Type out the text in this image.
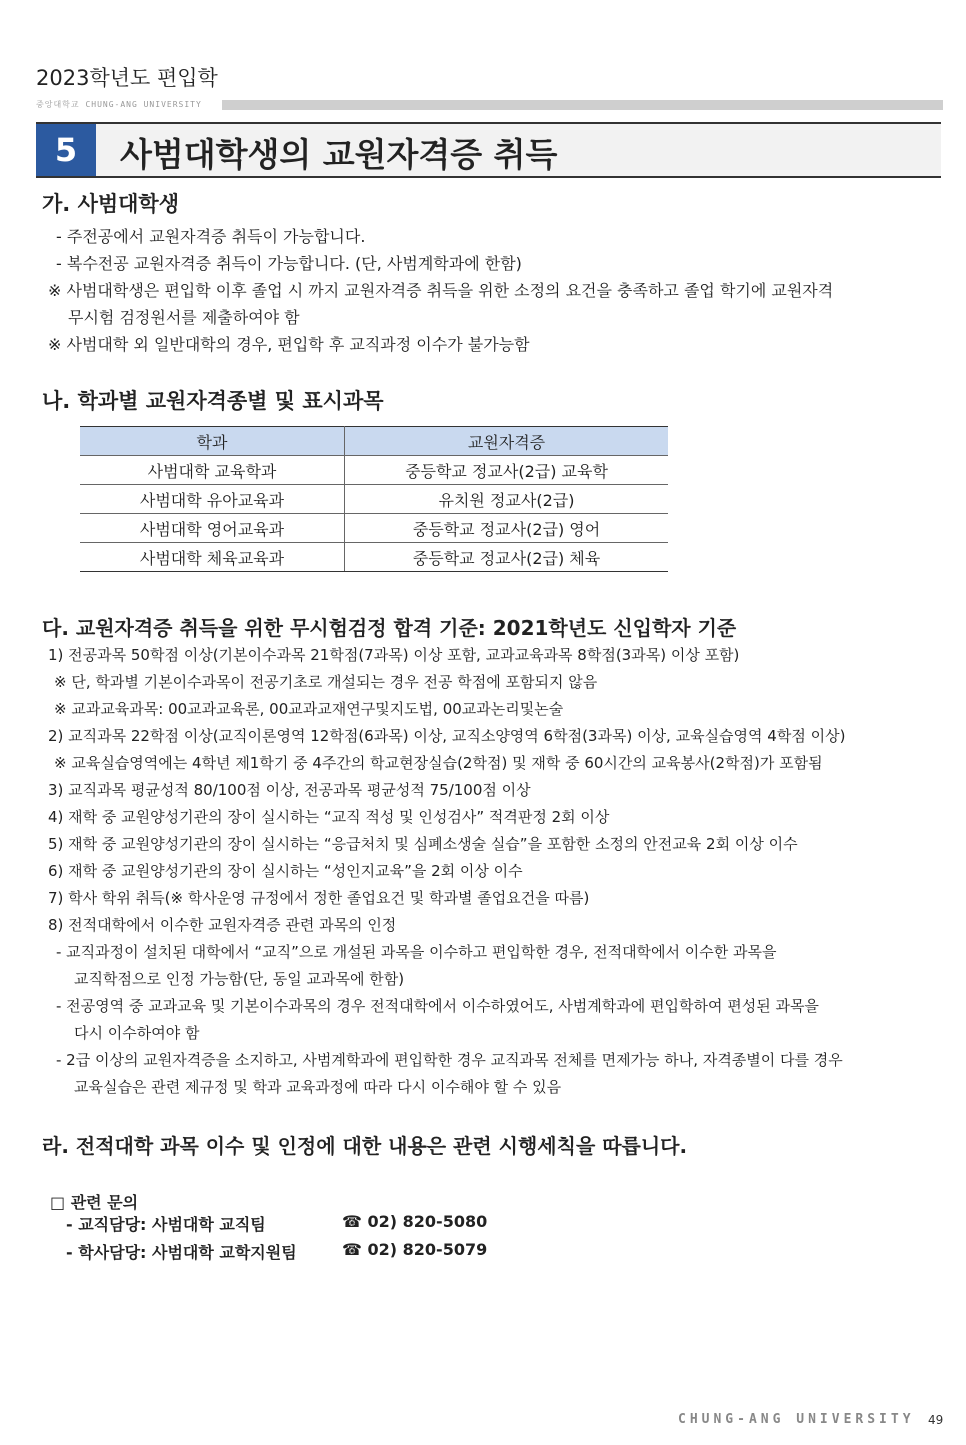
2023학년도 편입학
중앙대학교 CHUNG-ANG UNIVERSITY
5	사범대학생의 교원자격증 취득
가. 사범대학생
- 주전공에서 교원자격증 취득이 가능합니다.
- 복수전공 교원자격증 취득이 가능합니다. (단, 사범계학과에 한함)
※ 사범대학생은 편입학 이후 졸업 시 까지 교원자격증 취득을 위한 소정의 요건을 충족하고 졸업 학기에 교원자격
무시험 검정원서를 제출하여야 함
※ 사범대학 외 일반대학의 경우, 편입학 후 교직과정 이수가 불가능함
나. 학과별 교원자격종별 및 표시과목
학과	교원자격증
사범대학 교육학과	중등학교 정교사(2급) 교육학
사범대학 유아교육과	유치원 정교사(2급)
사범대학 영어교육과	중등학교 정교사(2급) 영어
사범대학 체육교육과	중등학교 정교사(2급) 체육
다. 교원자격증 취득을 위한 무시험검정 합격 기준: 2021학년도 신입학자 기준
1) 전공과목 50학점 이상(기본이수과목 21학점(7과목) 이상 포함, 교과교육과목 8학점(3과목) 이상 포함)
※ 단, 학과별 기본이수과목이 전공기초로 개설되는 경우 전공 학점에 포함되지 않음
※ 교과교육과목: 00교과교육론, 00교과교재연구및지도법, 00교과논리및논술
2) 교직과목 22학점 이상(교직이론영역 12학점(6과목) 이상, 교직소양영역 6학점(3과목) 이상, 교육실습영역 4학점 이상)
※ 교육실습영역에는 4학년 제1학기 중 4주간의 학교현장실습(2학점) 및 재학 중 60시간의 교육봉사(2학점)가 포함됨
3) 교직과목 평균성적 80/100점 이상, 전공과목 평균성적 75/100점 이상
4) 재학 중 교원양성기관의 장이 실시하는 “교직 적성 및 인성검사” 적격판정 2회 이상
5) 재학 중 교원양성기관의 장이 실시하는 “응급처치 및 심폐소생술 실습”을 포함한 소정의 안전교육 2회 이상 이수
6) 재학 중 교원양성기관의 장이 실시하는 “성인지교육”을 2회 이상 이수
7) 학사 학위 취득(※ 학사운영 규정에서 정한 졸업요건 및 학과별 졸업요건을 따름)
8) 전적대학에서 이수한 교원자격증 관련 과목의 인정
- 교직과정이 설치된 대학에서 “교직”으로 개설된 과목을 이수하고 편입학한 경우, 전적대학에서 이수한 과목을
교직학점으로 인정 가능함(단, 동일 교과목에 한함)
- 전공영역 중 교과교육 및 기본이수과목의 경우 전적대학에서 이수하였어도, 사범계학과에 편입학하여 편성된 과목을
다시 이수하여야 함
- 2급 이상의 교원자격증을 소지하고, 사범계학과에 편입학한 경우 교직과목 전체를 면제가능 하나, 자격종별이 다를 경우
교육실습은 관련 제규정 및 학과 교육과정에 따라 다시 이수해야 할 수 있음
라. 전적대학 과목 이수 및 인정에 대한 내용은 관련 시행세칙을 따릅니다.
□ 관련 문의
- 교직담당: 사범대학 교직팀	☎ 02) 820-5080
- 학사담당: 사범대학 교학지원팀	☎ 02) 820-5079
CHUNG-ANG UNIVERSITY 49
